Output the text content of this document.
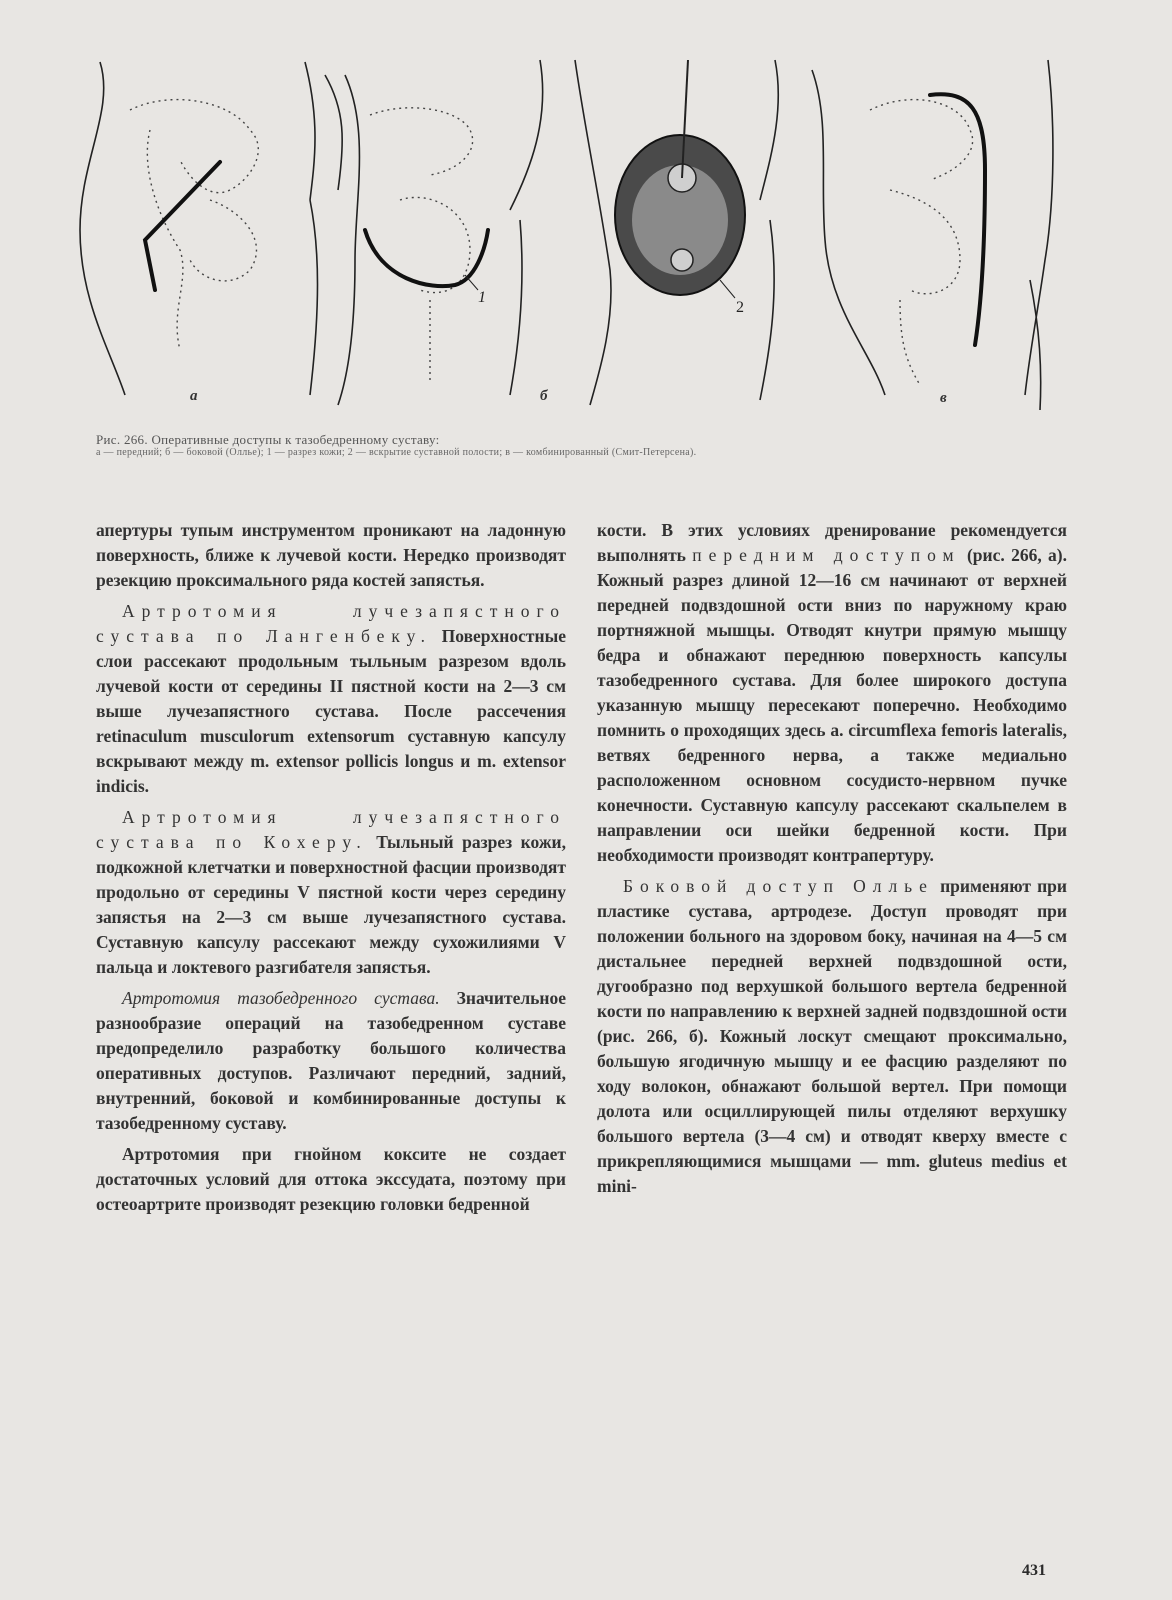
1
2
а	б	в
Рис. 266. Оперативные доступы к тазобедренному суставу:
а — передний; б — боковой (Олльe); 1 — разрез кожи; 2 — вскрытие суставной полости; в — комбинированный (Смит-Петерсена).

апертуры тупым инструментом проникают на ладонную поверхность, ближе к лучевой кости. Нередко производят резекцию проксимального ряда костей запястья.

Артротомия лучезапястного сустава по Лангенбеку. Поверхностные слои рассекают продольным тыльным разрезом вдоль лучевой кости от середины II пястной кости на 2—3 см выше лучезапястного сустава. После рассечения retinaculum musculorum extensorum суставную капсулу вскрывают между m. extensor pollicis longus и m. extensor indicis.

Артротомия лучезапястного сустава по Кохеру. Тыльный разрез кожи, подкожной клетчатки и поверхностной фасции производят продольно от середины V пястной кости через середину запястья на 2—3 см выше лучезапястного сустава. Суставную капсулу рассекают между сухожилиями V пальца и локтевого разгибателя запястья.

Артротомия тазобедренного сустава. Значительное разнообразие операций на тазобедренном суставе предопределило разработку большого количества оперативных доступов. Различают передний, задний, внутренний, боковой и комбинированные доступы к тазобедренному суставу.

Артротомия при гнойном коксите не создает достаточных условий для оттока экссудата, поэтому при остеоартрите производят резекцию головки бедренной

кости. В этих условиях дренирование рекомендуется выполнять передним доступом (рис. 266, а). Кожный разрез длиной 12—16 см начинают от верхней передней подвздошной ости вниз по наружному краю портняжной мышцы. Отводят кнутри прямую мышцу бедра и обнажают переднюю поверхность капсулы тазобедренного сустава. Для более широкого доступа указанную мышцу пересекают поперечно. Необходимо помнить о проходящих здесь a. circumflexa femoris lateralis, ветвях бедренного нерва, а также медиально расположенном основном сосудисто-нервном пучке конечности. Суставную капсулу рассекают скальпелем в направлении оси шейки бедренной кости. При необходимости производят контрапертуру.

Боковой доступ Олльe применяют при пластике сустава, артродезе. Доступ проводят при положении больного на здоровом боку, начиная на 4—5 см дистальнее передней верхней подвздошной ости, дугообразно под верхушкой большого вертела бедренной кости по направлению к верхней задней подвздошной ости (рис. 266, б). Кожный лоскут смещают проксимально, большую ягодичную мышцу и ее фасцию разделяют по ходу волокон, обнажают большой вертел. При помощи долота или осциллирующей пилы отделяют верхушку большого вертела (3—4 см) и отводят кверху вместе с прикрепляющимися мышцами — mm. gluteus medius et mini-

431
